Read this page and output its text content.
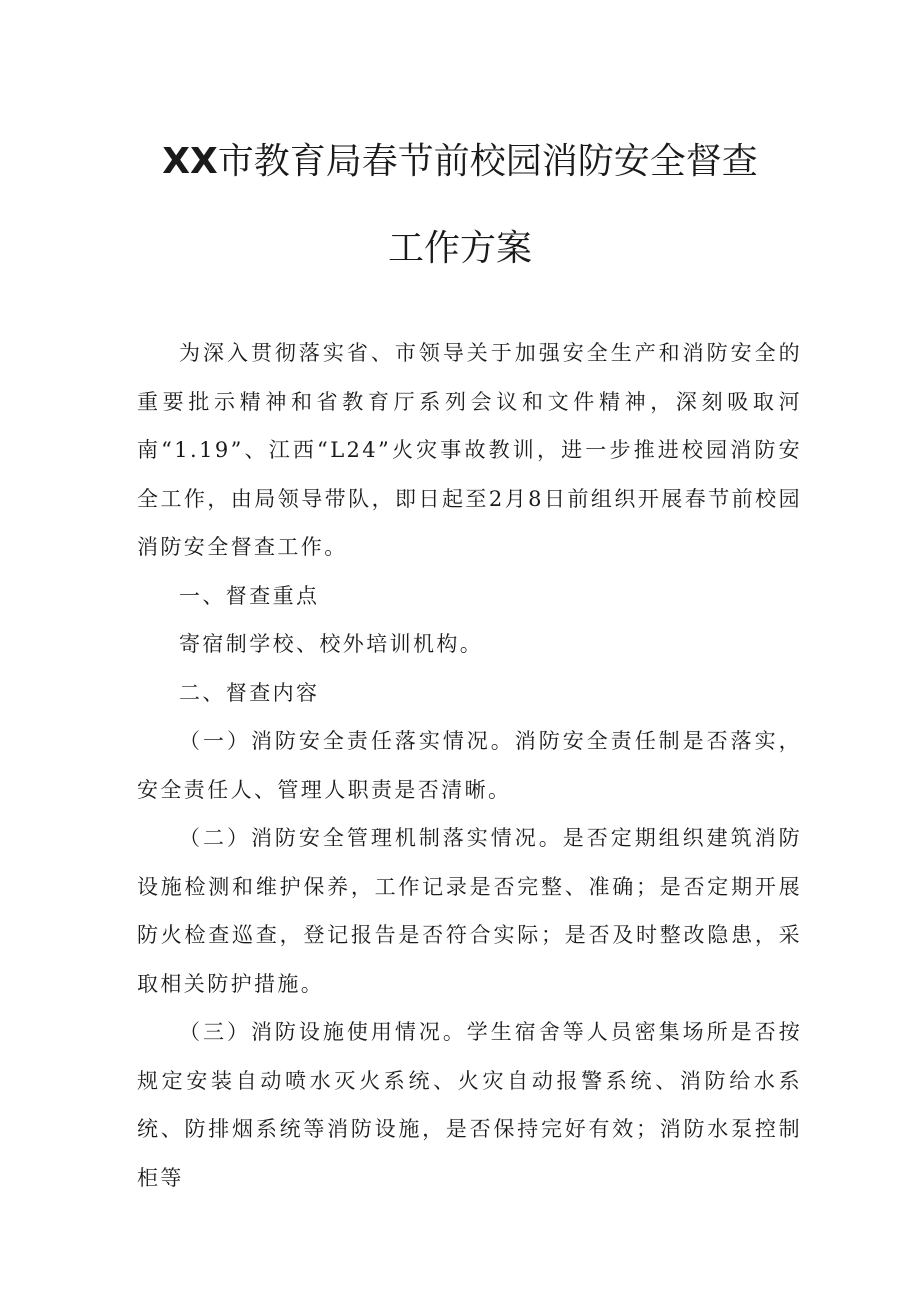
XX市教育局春节前校园消防安全督查
工作方案

为深入贯彻落实省、市领导关于加强安全生产和消防安全的重要批示精神和省教育厅系列会议和文件精神，深刻吸取河南“1.19”、江西“L24”火灾事故教训，进一步推进校园消防安全工作，由局领导带队，即日起至2月8日前组织开展春节前校园消防安全督查工作。

一、督查重点

寄宿制学校、校外培训机构。

二、督查内容

（一）消防安全责任落实情况。消防安全责任制是否落实，安全责任人、管理人职责是否清晰。

（二）消防安全管理机制落实情况。是否定期组织建筑消防设施检测和维护保养，工作记录是否完整、准确；是否定期开展防火检查巡查，登记报告是否符合实际；是否及时整改隐患，采取相关防护措施。

（三）消防设施使用情况。学生宿舍等人员密集场所是否按规定安装自动喷水灭火系统、火灾自动报警系统、消防给水系统、防排烟系统等消防设施，是否保持完好有效；消防水泵控制柜等
